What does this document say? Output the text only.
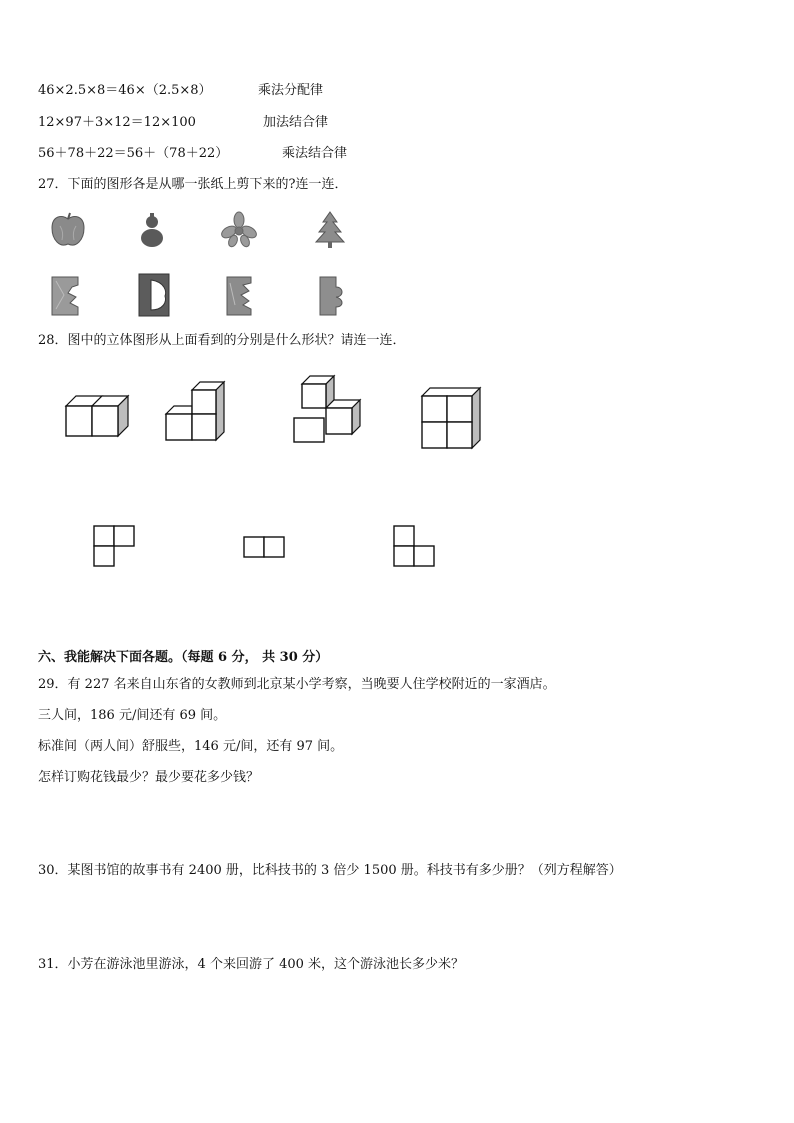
46×2.5×8＝46×（2.5×8）	乘法分配律
12×97＋3×12＝12×100	加法结合律
56＋78＋22＝56＋（78＋22）	乘法结合律
27．下面的图形各是从哪一张纸上剪下来的?连一连．
28．图中的立体图形从上面看到的分别是什么形状？请连一连．
六、我能解决下面各题。（每题 6 分， 共 30 分）
29．有 227 名来自山东省的女教师到北京某小学考察，当晚要人住学校附近的一家酒店。
三人间，186 元/间还有 69 间。
标准间（两人间）舒服些，146 元/间，还有 97 间。
怎样订购花钱最少？最少要花多少钱？
30．某图书馆的故事书有 2400 册，比科技书的 3 倍少 1500 册。科技书有多少册？（列方程解答）
31．小芳在游泳池里游泳，4 个来回游了 400 米，这个游泳池长多少米？
